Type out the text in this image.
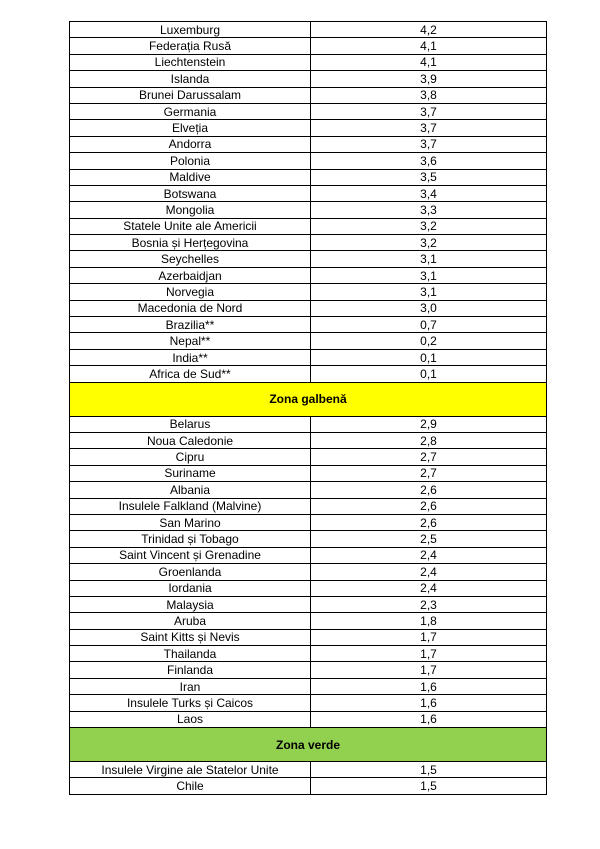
Luxemburg	4,2
Federația Rusă	4,1
Liechtenstein	4,1
Islanda	3,9
Brunei Darussalam	3,8
Germania	3,7
Elveția	3,7
Andorra	3,7
Polonia	3,6
Maldive	3,5
Botswana	3,4
Mongolia	3,3
Statele Unite ale Americii	3,2
Bosnia și Herțegovina	3,2
Seychelles	3,1
Azerbaidjan	3,1
Norvegia	3,1
Macedonia de Nord	3,0
Brazilia**	0,7
Nepal**	0,2
India**	0,1
Africa de Sud**	0,1
Zona galbenă	
Belarus	2,9
Noua Caledonie	2,8
Cipru	2,7
Suriname	2,7
Albania	2,6
Insulele Falkland (Malvine)	2,6
San Marino	2,6
Trinidad și Tobago	2,5
Saint Vincent și Grenadine	2,4
Groenlanda	2,4
Iordania	2,4
Malaysia	2,3
Aruba	1,8
Saint Kitts și Nevis	1,7
Thailanda	1,7
Finlanda	1,7
Iran	1,6
Insulele Turks și Caicos	1,6
Laos	1,6
Zona verde	
Insulele Virgine ale Statelor Unite	1,5
Chile	1,5
